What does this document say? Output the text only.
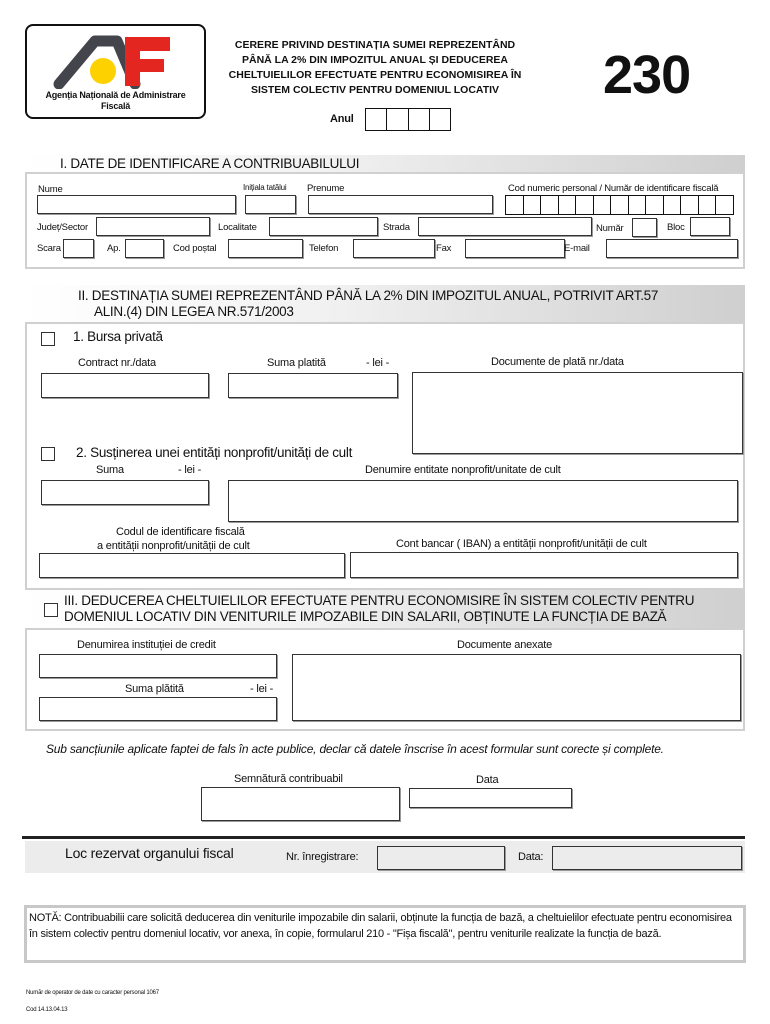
Agenția Națională de Administrare Fiscală
CERERE PRIVIND DESTINAȚIA SUMEI REPREZENTÂND
PÂNĂ LA 2% DIN IMPOZITUL ANUAL ȘI DEDUCEREA
CHELTUIELILOR EFECTUATE PENTRU ECONOMISIREA ÎN
SISTEM COLECTIV PENTRU DOMENIUL LOCATIV	230
Anul
I. DATE DE IDENTIFICARE A CONTRIBUABILULUI
Nume	Inițiala tatălui Prenume	Cod numeric personal / Număr de identificare fiscală
Județ/Sector	Localitate	Strada	Număr	Bloc
Scara	Ap.	Cod poștal	Telefon	Fax	E-mail
II. DESTINAȚIA SUMEI REPREZENTÂND PÂNĂ LA 2% DIN IMPOZITUL ANUAL, POTRIVIT ART.57
ALIN.(4) DIN LEGEA NR.571/2003
1. Bursa privată
Contract nr./data	Suma platită	- lei -	Documente de plată nr./data
2. Susținerea unei entități nonprofit/unități de cult
Suma	- lei -	Denumire entitate nonprofit/unitate de cult
Codul de identificare fiscală
a entității nonprofit/unității de cult	Cont bancar ( IBAN) a entității nonprofit/unității de cult
III. DEDUCEREA CHELTUIELILOR EFECTUATE PENTRU ECONOMISIRE ÎN SISTEM COLECTIV PENTRU
DOMENIUL LOCATIV DIN VENITURILE IMPOZABILE DIN SALARII, OBȚINUTE LA FUNCȚIA DE BAZĂ
Denumirea instituției de credit	Documente anexate
Suma plătită	- lei -
Sub sancțiunile aplicate faptei de fals în acte publice, declar că datele înscrise în acest formular sunt corecte și complete.
Semnătură contribuabil	Data
Loc rezervat organului fiscal	Nr. înregistrare:	Data:
NOTĂ: Contribuabilii care solicită deducerea din veniturile impozabile din salarii, obținute la funcția de bază, a cheltuielilor efectuate pentru economisirea în sistem colectiv pentru domeniul locativ, vor anexa, în copie, formularul 210 - "Fișa fiscală", pentru veniturile realizate la funcția de bază.
Număr de operator de date cu caracter personal 1067
Cod 14.13.04.13
